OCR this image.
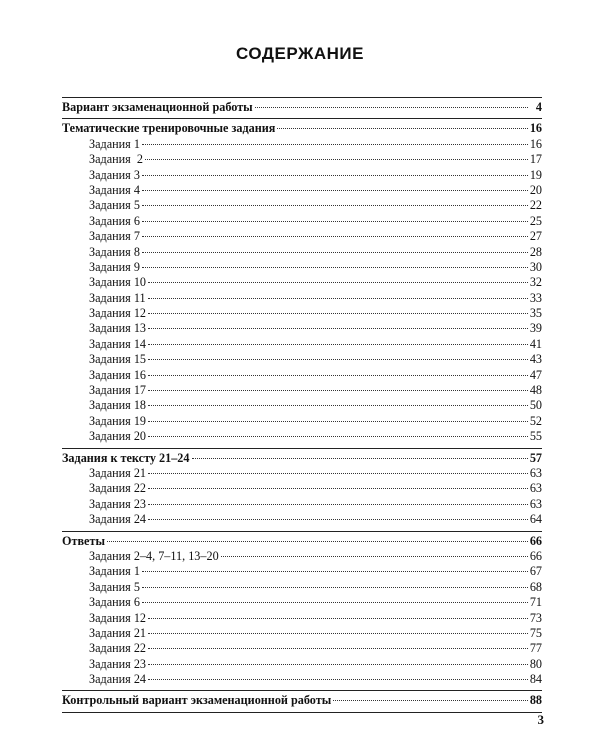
СОДЕРЖАНИЕ
Вариант экзаменационной работы	4
Тематические тренировочные задания	16
Задания 1	16
Задания  2	17
Задания 3	19
Задания 4	20
Задания 5	22
Задания 6	25
Задания 7	27
Задания 8	28
Задания 9	30
Задания 10	32
Задания 11	33
Задания 12	35
Задания 13	39
Задания 14	41
Задания 15	43
Задания 16	47
Задания 17	48
Задания 18	50
Задания 19	52
Задания 20	55
Задания к тексту 21–24	57
Задания 21	63
Задания 22	63
Задания 23	63
Задания 24	64
Ответы	66
Задания 2–4, 7–11, 13–20	66
Задания 1	67
Задания 5	68
Задания 6	71
Задания 12	73
Задания 21	75
Задания 22	77
Задания 23	80
Задания 24	84
Контрольный вариант экзаменационной работы	88
3
